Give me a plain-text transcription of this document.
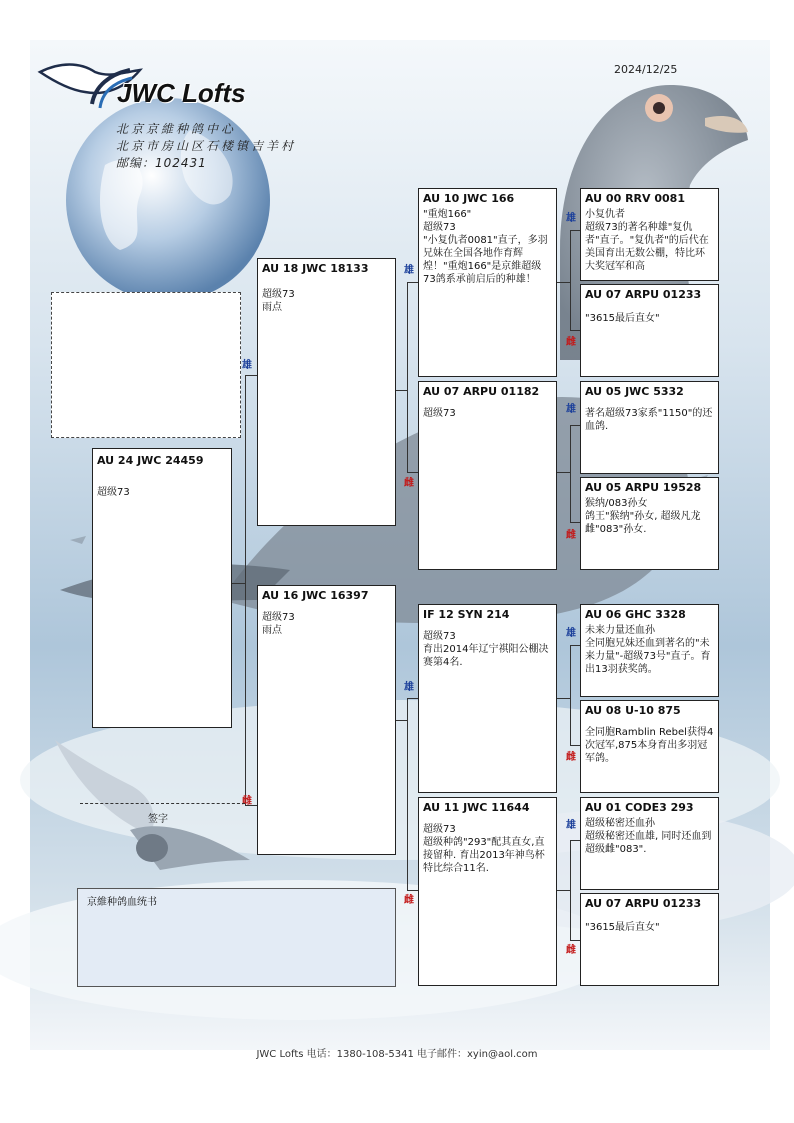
2024/12/25
JWC Lofts
北京京維种鸽中心
北京市房山区石楼镇吉羊村
邮编：102431
雄
雌
雄
雌
雄
雌
雄
雌
雄
雌
雄
雌
雄
雌
AU 24 JWC 24459
超级73
AU 18 JWC 18133
超级73
雨点
AU 16 JWC 16397
超级73
雨点
AU 10 JWC 166
"重炮166"
超级73
"小复仇者0081"直子，多羽兄妹在全国各地作育辉煌！"重炮166"是京維超级73鸽系承前启后的种雄！
AU 07 ARPU 01182
超级73
IF 12 SYN 214
超级73
育出2014年辽宁祺阳公棚决赛第4名.
AU 11 JWC 11644
超级73
超级种鸽"293"配其直女,直接留种. 育出2013年神鸟杯特比综合11名.
AU 00 RRV 0081
小复仇者
超级73的著名种雄"复仇者"直子。"复仇者"的后代在美国育出无数公棚，特比环大奖冠军和高
AU 07 ARPU 01233
"3615最后直女"
AU 05 JWC 5332
著名超级73家系"1150"的还血鸽.
AU 05 ARPU 19528
猴纳/083孙女
鸽王"猴纳"孙女, 超级凡龙雌"083"孙女.
AU 06 GHC 3328
未来力量还血孙
全同胞兄妹还血到著名的"未来力量"-超级73号"直子。育出13羽获奖鸽。
AU 08 U-10 875
全同胞Ramblin Rebel获得4次冠军,875本身育出多羽冠军鸽。
AU 01 CODE3 293
超级秘密还血孙
超级秘密还血雄, 同时还血到超级雌"083".
AU 07 ARPU 01233
"3615最后直女"
签字
京維种鸽血统书
JWC Lofts 电话：1380-108-5341 电子邮件：xyin@aol.com
